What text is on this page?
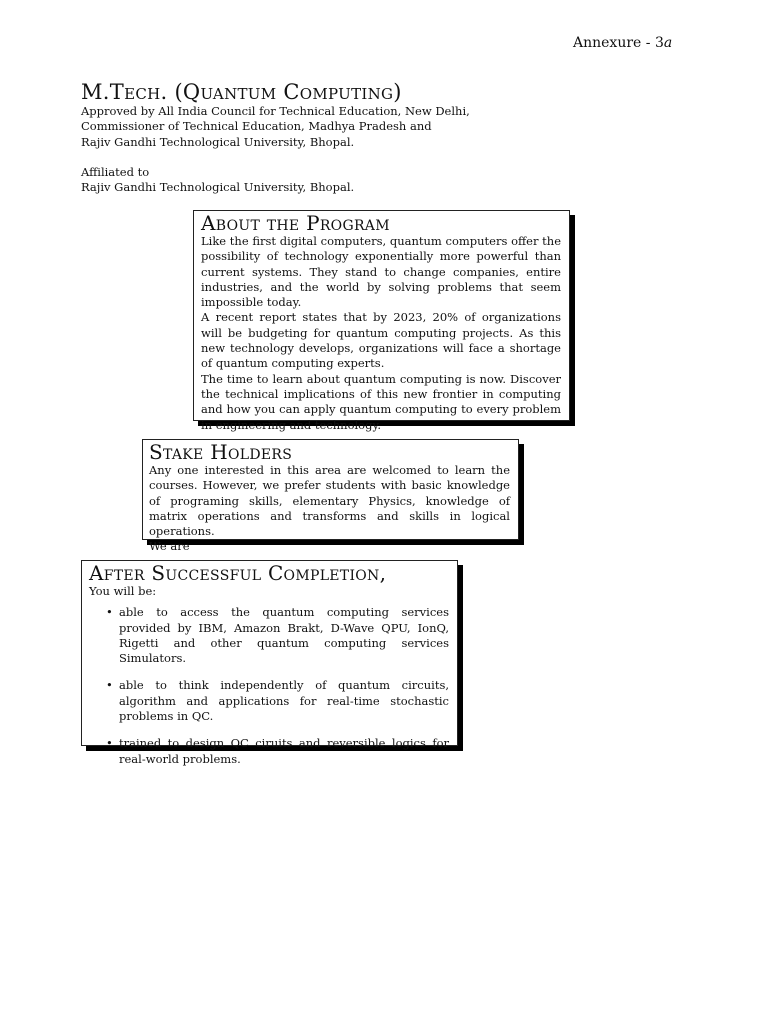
Annexure - 3a
M.Tech. (Quantum Computing)
Approved by All India Council for Technical Education, New Delhi,
Commissioner of Technical Education, Madhya Pradesh and
Rajiv Gandhi Technological University, Bhopal.
Affiliated to
Rajiv Gandhi Technological University, Bhopal.
About the Program

Like the first digital computers, quantum computers offer the possibility of technology exponentially more powerful than current systems. They stand to change companies, entire industries, and the world by solving problems that seem impossible today.

A recent report states that by 2023, 20% of organizations will be budgeting for quantum computing projects. As this new technology develops, organizations will face a shortage of quantum computing experts.

The time to learn about quantum computing is now. Discover the technical implications of this new frontier in computing and how you can apply quantum computing to every problem in engineering and technology.

Stake Holders

Any one interested in this area are welcomed to learn the courses. However, we prefer students with basic knowledge of programing skills, elementary Physics, knowledge of matrix operations and transforms and skills in logical operations.

We are

After Successful Completion,

You will be:

• able to access the quantum computing services provided by IBM, Amazon Brakt, D-Wave QPU, IonQ, Rigetti and other quantum computing services Simulators.
• able to think independently of quantum circuits, algorithm and applications for real-time stochastic problems in QC.
• trained to design QC ciruits and reversible logics for real-world problems.
